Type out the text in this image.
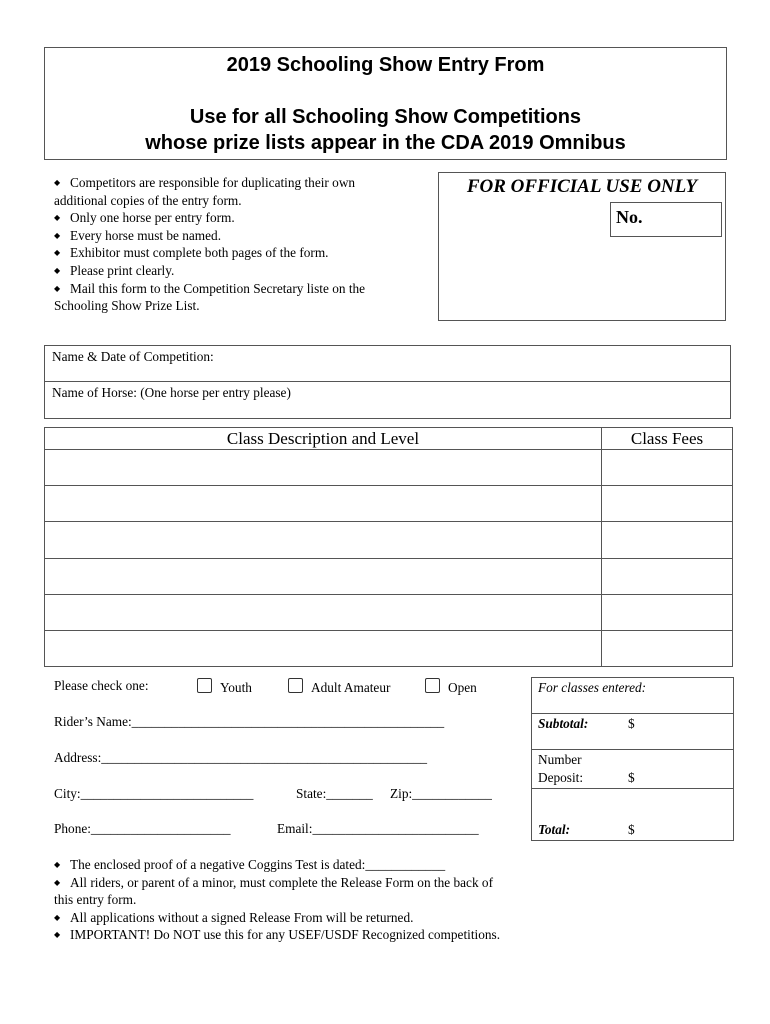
2019 Schooling Show Entry From
Use for all Schooling Show Competitions
whose prize lists appear in the CDA 2019 Omnibus
◆ Competitors are responsible for duplicating their own additional copies of the entry form.
◆ Only one horse per entry form.
◆ Every horse must be named.
◆ Exhibitor must complete both pages of the form.
◆ Please print clearly.
◆ Mail this form to the Competition Secretary liste on the Schooling Show Prize List.
FOR OFFICIAL USE ONLY
No.
Name & Date of Competition:
Name of Horse: (One horse per entry please)
Class Description and Level	Class Fees
Please check one:	Youth	Adult Amateur	Open
Rider’s Name:_______________________________________________
Address:_________________________________________________
City:__________________________	State:_______ Zip:____________
Phone:_____________________	Email:_________________________
For classes entered:
Subtotal:	$
Number
Deposit:	$
Total:	$
◆ The enclosed proof of a negative Coggins Test is dated:____________
◆ All riders, or parent of a minor, must complete the Release Form on the back of this entry form.
◆ All applications without a signed Release From will be returned.
◆ IMPORTANT! Do NOT use this for any USEF/USDF Recognized competitions.
